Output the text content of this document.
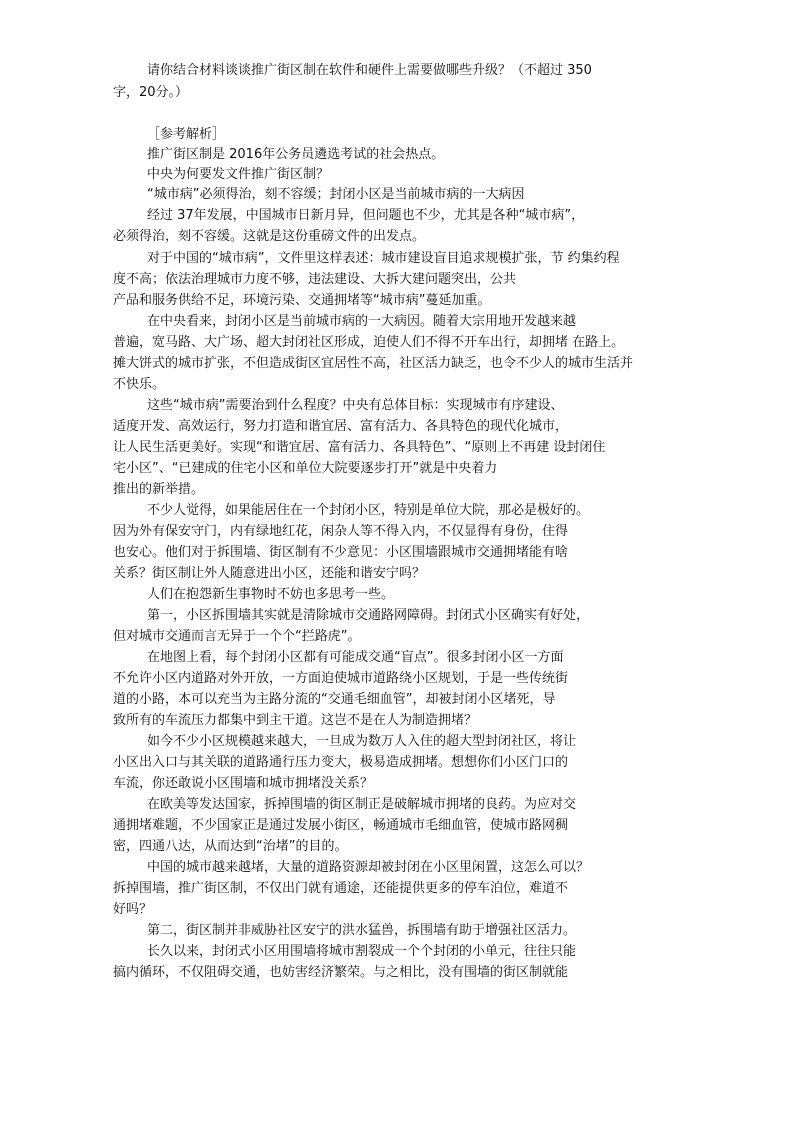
请你结合材料谈谈推广街区制在软件和硬件上需要做哪些升级？（不超过 350
字，20分。）
［参考解析］
推广街区制是 2016年公务员遴选考试的社会热点。
中央为何要发文件推广街区制？
“城市病”必须得治，刻不容缓；封闭小区是当前城市病的一大病因
经过 37年发展，中国城市日新月异，但问题也不少，尤其是各种“城市病”，
必须得治，刻不容缓。这就是这份重磅文件的出发点。
对于中国的“城市病”，文件里这样表述：城市建设盲目追求规模扩张，节 约集约程
度不高；依法治理城市力度不够，违法建设、大拆大建问题突出，公共
产品和服务供给不足，环境污染、交通拥堵等“城市病”蔓延加重。
在中央看来，封闭小区是当前城市病的一大病因。随着大宗用地开发越来越
普遍，宽马路、大广场、超大封闭社区形成，迫使人们不得不开车出行，却拥堵 在路上。
摊大饼式的城市扩张，不但造成街区宜居性不高，社区活力缺乏，也令不少人的城市生活并
不快乐。
这些“城市病”需要治到什么程度？中央有总体目标：实现城市有序建设、
适度开发、高效运行，努力打造和谐宜居、富有活力、各具特色的现代化城市，
让人民生活更美好。实现“和谐宜居、富有活力、各具特色”、“原则上不再建 设封闭住
宅小区”、“已建成的住宅小区和单位大院要逐步打开”就是中央着力
推出的新举措。
不少人觉得，如果能居住在一个封闭小区，特别是单位大院，那必是极好的。
因为外有保安守门，内有绿地红花，闲杂人等不得入内，不仅显得有身份，住得
也安心。他们对于拆围墙、街区制有不少意见：小区围墙跟城市交通拥堵能有啥
关系？街区制让外人随意进出小区，还能和谐安宁吗？
人们在抱怨新生事物时不妨也多思考一些。
第一，小区拆围墙其实就是清除城市交通路网障碍。封闭式小区确实有好处，
但对城市交通而言无异于一个个“拦路虎”。
在地图上看，每个封闭小区都有可能成交通“盲点”。很多封闭小区一方面
不允许小区内道路对外开放，一方面迫使城市道路绕小区规划，于是一些传统街
道的小路，本可以充当为主路分流的“交通毛细血管”，却被封闭小区堵死，导
致所有的车流压力都集中到主干道。这岂不是在人为制造拥堵？
如今不少小区规模越来越大，一旦成为数万人入住的超大型封闭社区，将让
小区出入口与其关联的道路通行压力变大，极易造成拥堵。想想你们小区门口的
车流，你还敢说小区围墙和城市拥堵没关系？
在欧美等发达国家，拆掉围墙的街区制正是破解城市拥堵的良药。为应对交
通拥堵难题，不少国家正是通过发展小街区，畅通城市毛细血管，使城市路网稠
密，四通八达，从而达到“治堵”的目的。
中国的城市越来越堵，大量的道路资源却被封闭在小区里闲置，这怎么可以？
拆掉围墙，推广街区制，不仅出门就有通途，还能提供更多的停车泊位，难道不
好吗？
第二，街区制并非威胁社区安宁的洪水猛兽，拆围墙有助于增强社区活力。
长久以来，封闭式小区用围墙将城市割裂成一个个封闭的小单元，往往只能
搞内循环，不仅阻碍交通，也妨害经济繁荣。与之相比，没有围墙的街区制就能
